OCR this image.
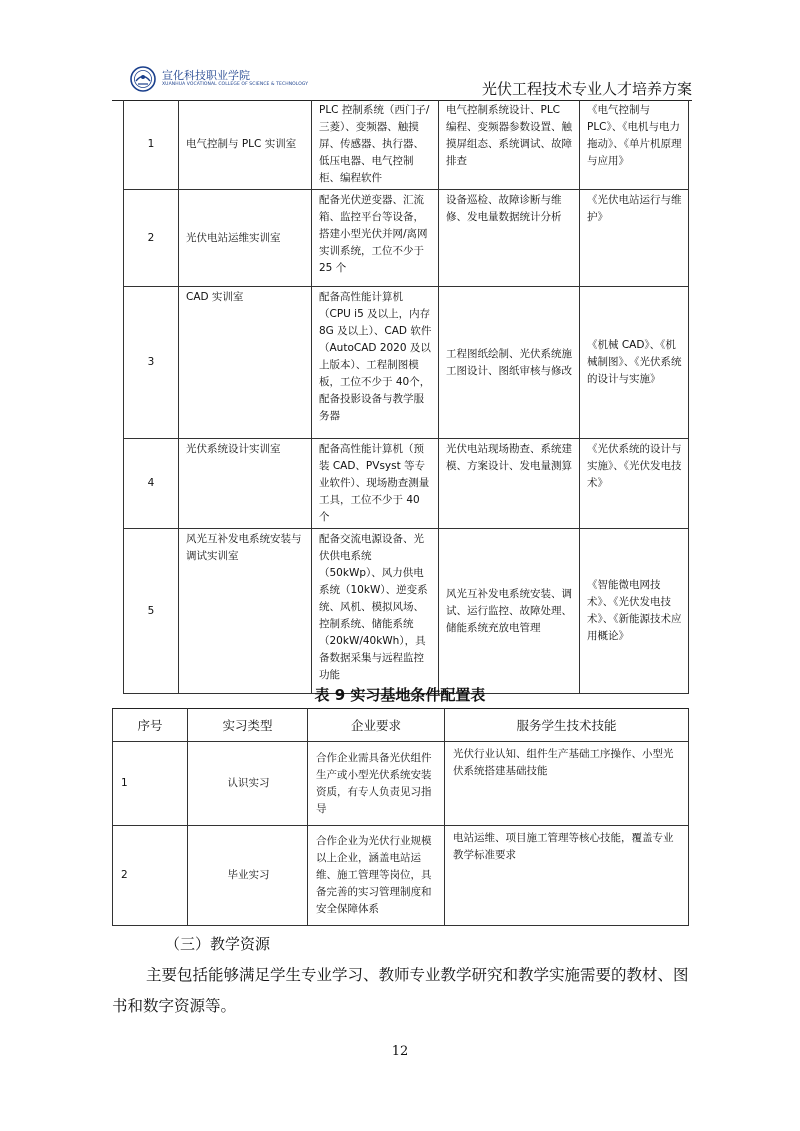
宣化科技职业学院
XUANHUA VOCATIONAL COLLEGE OF SCIENCE & TECHNOLOGY	光伏工程技术专业人才培养方案
1	电气控制与 PLC 实训室	PLC 控制系统（西门子/三菱）、变频器、触摸屏、传感器、执行器、低压电器、电气控制柜、编程软件	电气控制系统设计、PLC 编程、变频器参数设置、触摸屏组态、系统调试、故障排查	《电气控制与PLC》、《电机与电力拖动》、《单片机原理与应用》
2	光伏电站运维实训室	配备光伏逆变器、汇流箱、监控平台等设备，搭建小型光伏并网/离网实训系统，工位不少于25 个	设备巡检、故障诊断与维修、发电量数据统计分析	《光伏电站运行与维护》
3	CAD 实训室	配备高性能计算机（CPU i5 及以上，内存8G 及以上）、CAD 软件（AutoCAD 2020 及以上版本）、工程制图模板，工位不少于 40个，配备投影设备与教学服务器	工程图纸绘制、光伏系统施工图设计、图纸审核与修改	《机械 CAD》、《机械制图》、《光伏系统的设计与实施》
4	光伏系统设计实训室	配备高性能计算机（预装 CAD、PVsyst 等专业软件）、现场勘查测量工具，工位不少于 40 个	光伏电站现场勘查、系统建模、方案设计、发电量测算	《光伏系统的设计与实施》、《光伏发电技术》
5	风光互补发电系统安装与调试实训室	配备交流电源设备、光伏供电系统（50kWp）、风力供电系统（10kW）、逆变系统、风机、模拟风场、控制系统、储能系统（20kW/40kWh），具备数据采集与远程监控功能	风光互补发电系统安装、调试、运行监控、故障处理、储能系统充放电管理	《智能微电网技术》、《光伏发电技术》、《新能源技术应用概论》
表 9 实习基地条件配置表
序号	实习类型	企业要求	服务学生技术技能
1	认识实习	合作企业需具备光伏组件生产或小型光伏系统安装资质，有专人负责见习指导	光伏行业认知、组件生产基础工序操作、小型光伏系统搭建基础技能
2	毕业实习	合作企业为光伏行业规模以上企业，涵盖电站运维、施工管理等岗位，具备完善的实习管理制度和安全保障体系	电站运维、项目施工管理等核心技能，覆盖专业教学标准要求
（三）教学资源
主要包括能够满足学生专业学习、教师专业教学研究和教学实施需要的教材、图书和数字资源等。
12
